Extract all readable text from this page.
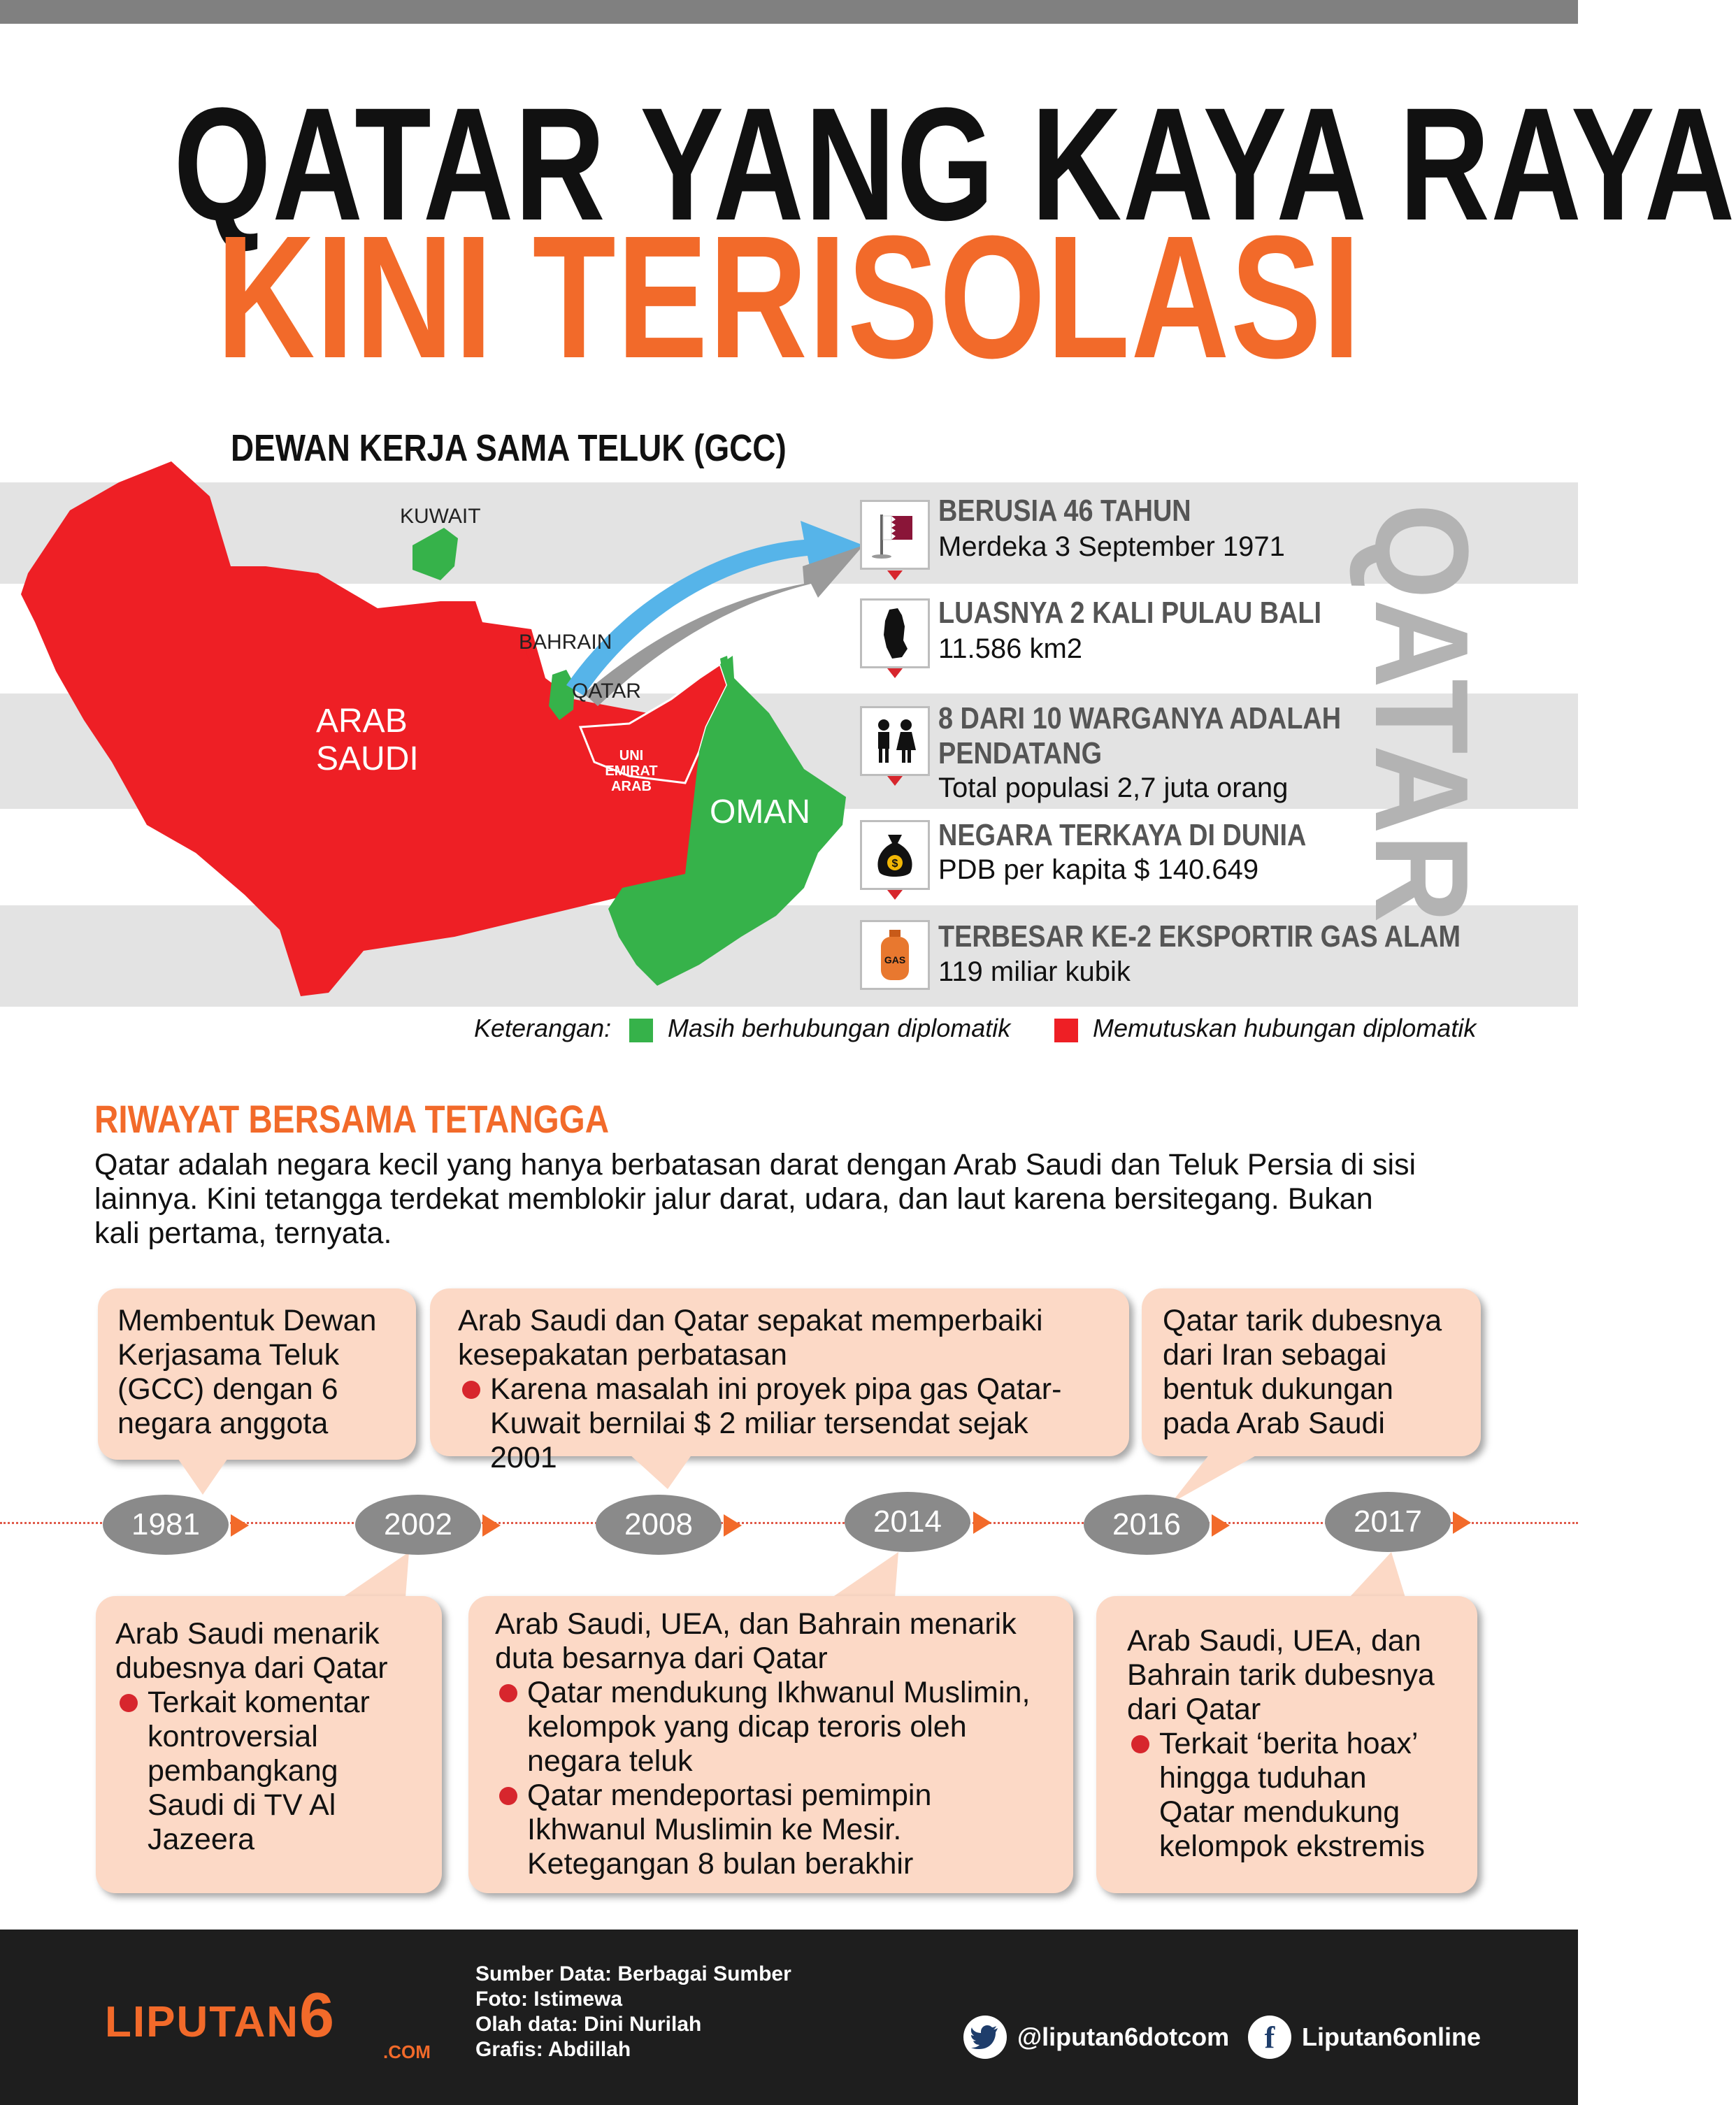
QATAR YANG KAYA RAYA
KINI TERISOLASI
DEWAN KERJA SAMA TELUK (GCC)
KUWAIT
BAHRAIN
QATAR
ARAB SAUDI	UNI EMIRAT ARAB
OMAN
BERUSIA 46 TAHUN
Merdeka 3 September 1971
LUASNYA 2 KALI PULAU BALI
11.586 km2
8 DARI 10 WARGANYA ADALAH
PENDATANG
Total populasi 2,7 juta orang
$
NEGARA TERKAYA DI DUNIA
PDB per kapita $ 140.649
GAS
TERBESAR KE-2 EKSPORTIR GAS ALAM
119 miliar kubik
QATAR
Keterangan: Masih berhubungan diplomatik	Memutuskan hubungan diplomatik
RIWAYAT BERSAMA TETANGGA
Qatar adalah negara kecil yang hanya berbatasan darat dengan Arab Saudi dan Teluk Persia di sisi lainnya. Kini tetangga terdekat memblokir jalur darat, udara, dan laut karena bersitegang. Bukan kali pertama, ternyata.
Membentuk Dewan Kerjasama Teluk (GCC) dengan 6 negara anggota
Arab Saudi dan Qatar sepakat memperbaiki kesepakatan perbatasan
Karena masalah ini proyek pipa gas Qatar-Kuwait bernilai $ 2 miliar tersendat sejak 2001
Qatar tarik dubesnya dari Iran sebagai bentuk dukungan pada Arab Saudi
1981	2002	2008	2014	2016	2017
Arab Saudi menarik dubesnya dari Qatar
Terkait komentar kontroversial pembangkang Saudi di TV Al Jazeera
Arab Saudi, UEA, dan Bahrain menarik duta besarnya dari Qatar
Qatar mendukung Ikhwanul Muslimin, kelompok yang dicap teroris oleh negara teluk
Qatar mendeportasi pemimpin Ikhwanul Muslimin ke Mesir. Ketegangan 8 bulan berakhir
Arab Saudi, UEA, dan Bahrain tarik dubesnya dari Qatar
Terkait ‘berita hoax’ hingga tuduhan Qatar mendukung kelompok ekstremis
LIPUTAN6
.COM
Sumber Data: Berbagai Sumber
Foto: Istimewa
Olah data: Dini Nurilah
Grafis: Abdillah	@liputan6dotcom f Liputan6online
